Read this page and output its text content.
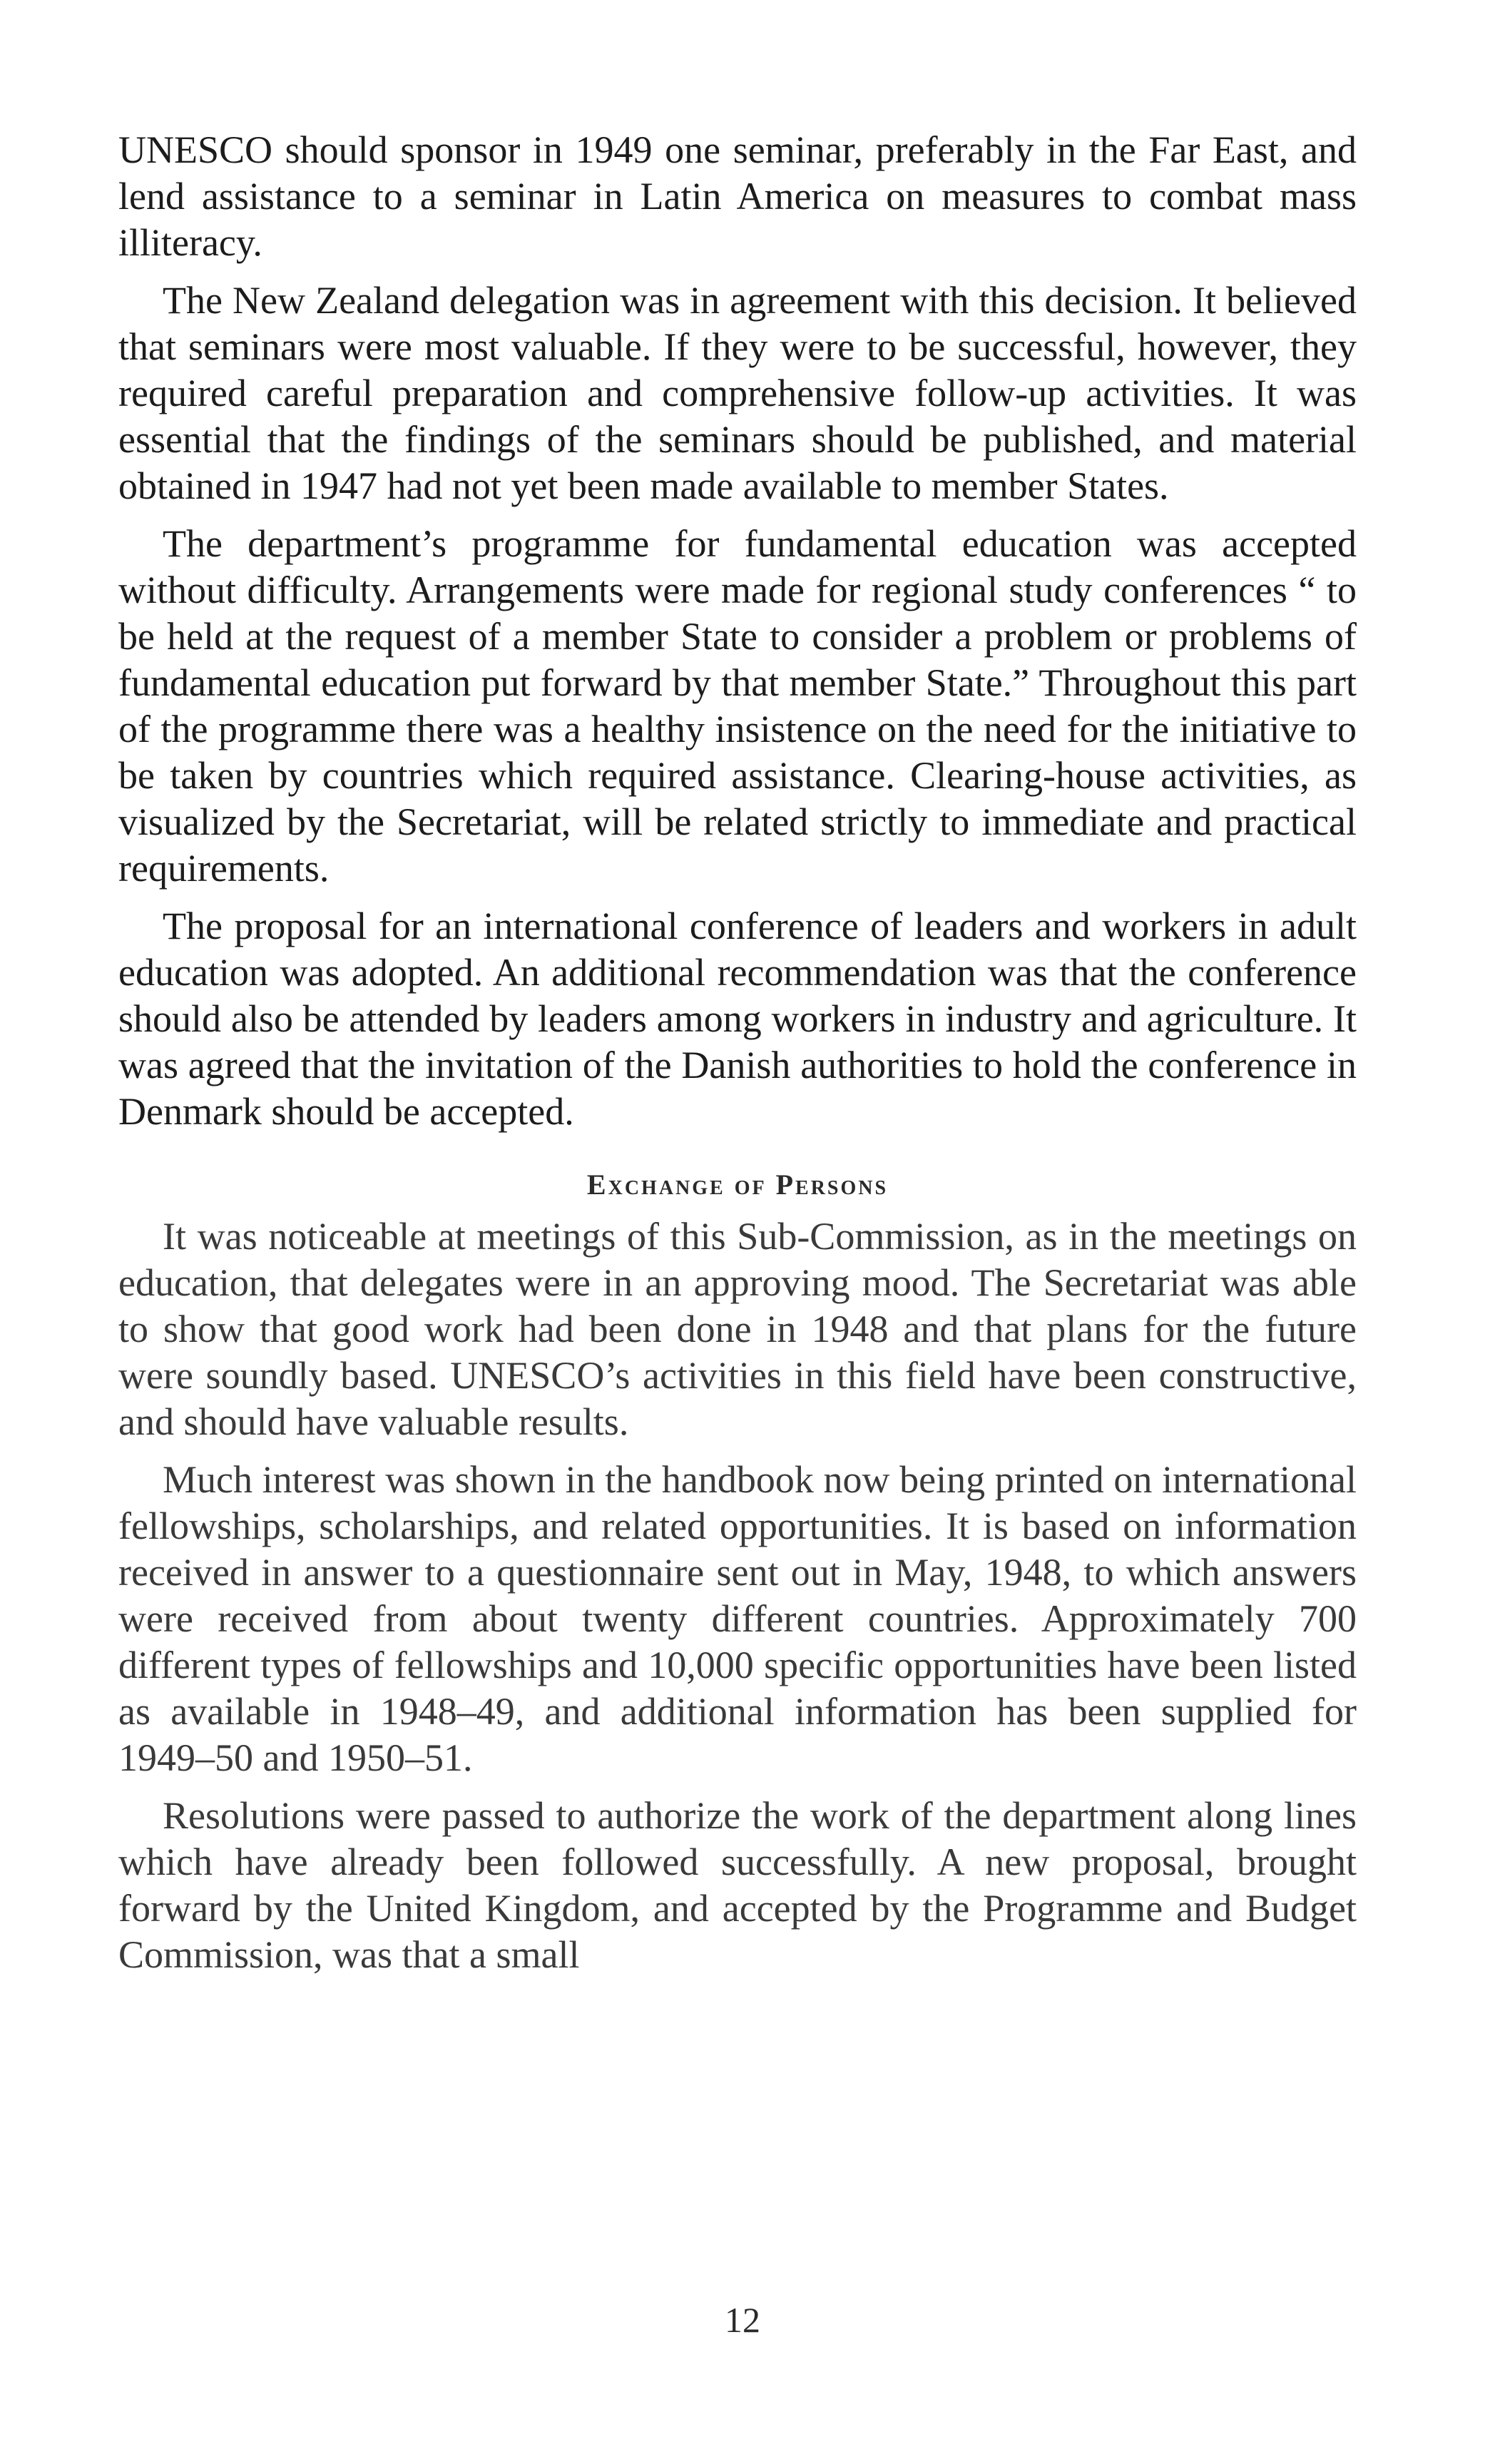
UNESCO should sponsor in 1949 one seminar, preferably in the Far East, and lend assistance to a seminar in Latin America on measures to combat mass illiteracy.

The New Zealand delegation was in agreement with this decision. It believed that seminars were most valuable. If they were to be successful, however, they required careful preparation and comprehensive follow-up activities. It was essential that the findings of the seminars should be published, and material obtained in 1947 had not yet been made available to member States.

The department’s programme for fundamental education was accepted without difficulty. Arrangements were made for regional study conferences “ to be held at the request of a member State to consider a problem or problems of fundamental education put forward by that member State.” Throughout this part of the programme there was a healthy insistence on the need for the initiative to be taken by countries which required assistance. Clearing-house activities, as visualized by the Secretariat, will be related strictly to immediate and practical requirements.

The proposal for an international conference of leaders and workers in adult education was adopted. An additional recommendation was that the conference should also be attended by leaders among workers in industry and agriculture. It was agreed that the invitation of the Danish authorities to hold the conference in Denmark should be accepted.

Exchange of Persons

It was noticeable at meetings of this Sub-Commission, as in the meetings on education, that delegates were in an approving mood. The Secretariat was able to show that good work had been done in 1948 and that plans for the future were soundly based. UNESCO’s activities in this field have been constructive, and should have valuable results.

Much interest was shown in the handbook now being printed on international fellowships, scholarships, and related opportunities. It is based on information received in answer to a questionnaire sent out in May, 1948, to which answers were received from about twenty different countries. Approximately 700 different types of fellowships and 10,000 specific opportunities have been listed as available in 1948–49, and additional information has been supplied for 1949–50 and 1950–51.

Resolutions were passed to authorize the work of the department along lines which have already been followed successfully. A new proposal, brought forward by the United Kingdom, and accepted by the Programme and Budget Commission, was that a small

12
